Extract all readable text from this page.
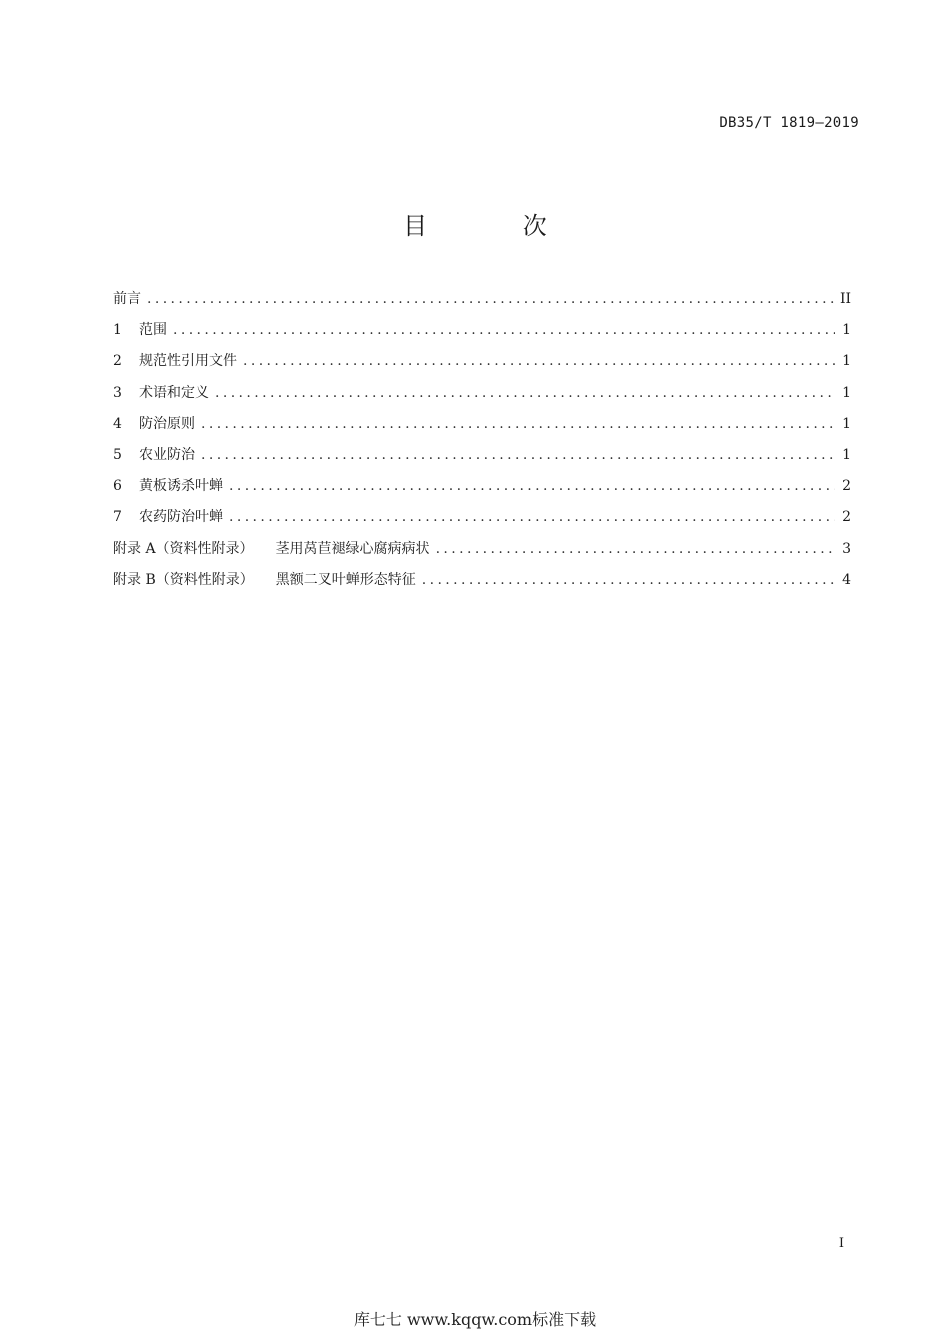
DB35/T 1819—2019
目 次
前言 .....	II
1	范围 .....	1
2	规范性引用文件 .....	1
3	术语和定义 .....	1
4	防治原则 .....	1
5	农业防治 .....	1
6	黄板诱杀叶蝉 .....	2
7	农药防治叶蝉 .....	2
附录 A（资料性附录） 茎用莴苣褪绿心腐病病状 .....	3
附录 B（资料性附录） 黑额二叉叶蝉形态特征 .....	4
I
库七七 www.kqqw.com标准下载
